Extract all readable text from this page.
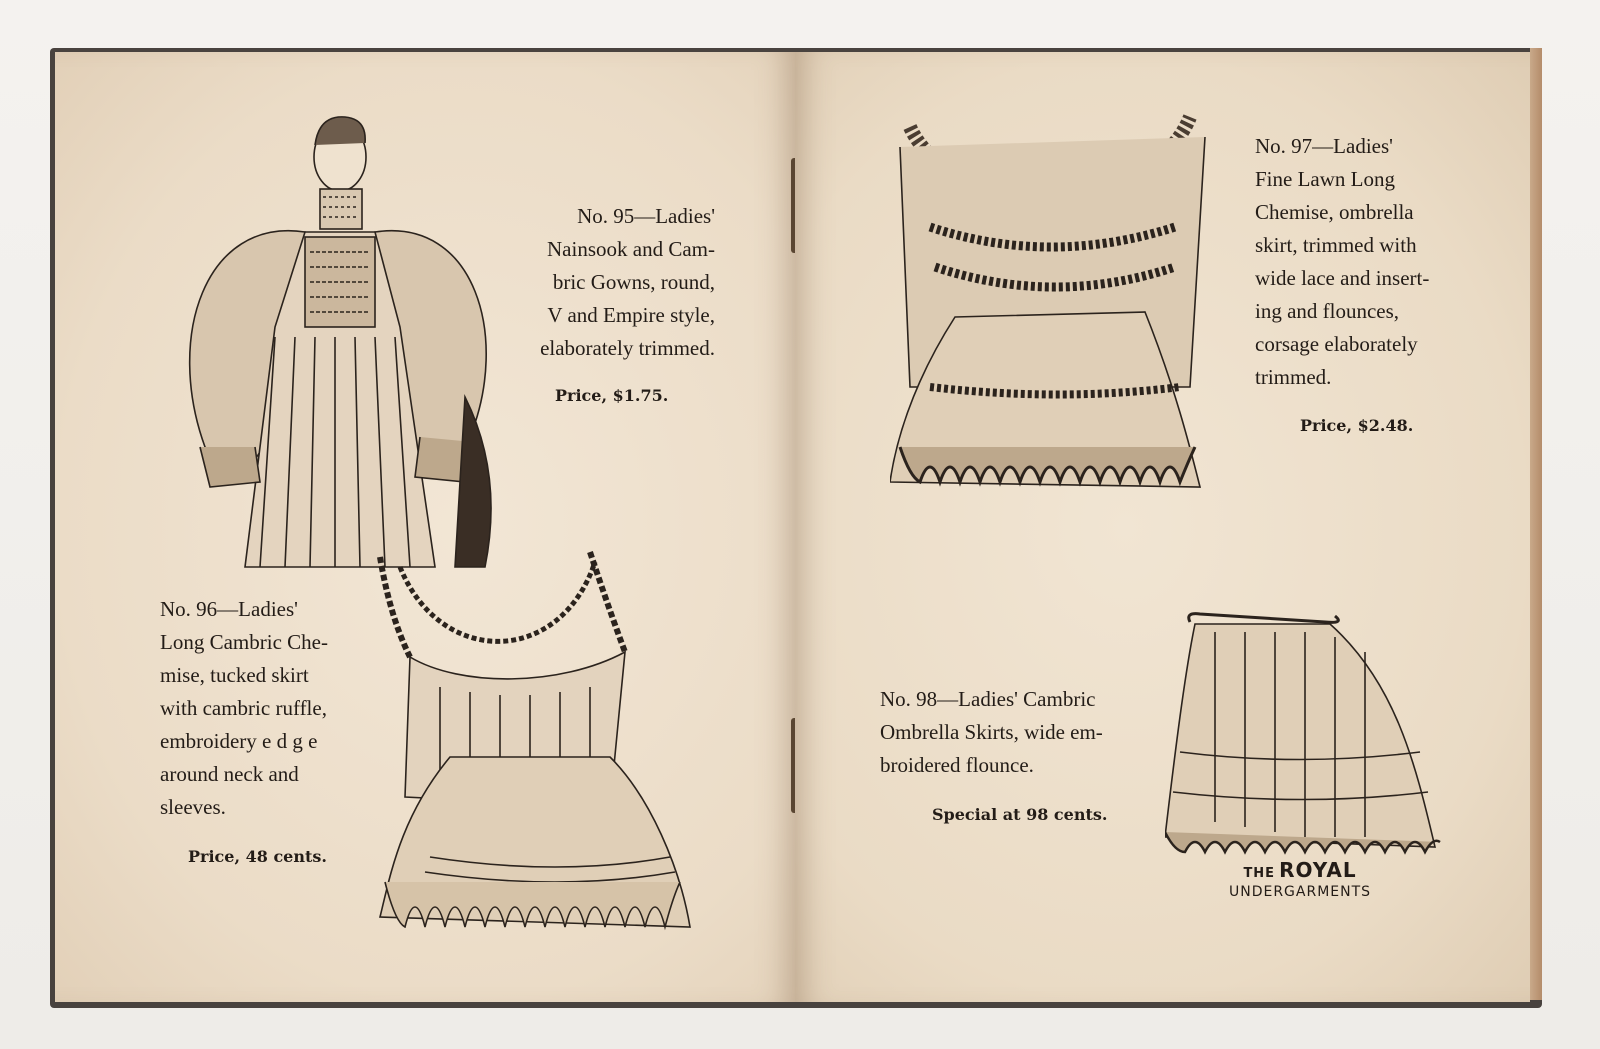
No. 95—Ladies'
Nainsook and Cam-
bric Gowns, round,
V and Empire style,
elaborately trimmed.
Price, $1.75.
No. 96—Ladies'
Long Cambric Che-
mise, tucked skirt
with cambric ruffle,
embroidery e d g e
around neck and
sleeves.
Price, 48 cents.
No. 97—Ladies'
Fine Lawn Long
Chemise, ombrella
skirt, trimmed with
wide lace and insert-
ing and flounces,
corsage elaborately
trimmed.
Price, $2.48.
No. 98—Ladies' Cambric
Ombrella Skirts, wide em-
broidered flounce.
Special at 98 cents.
THE ROYAL
UNDERGARMENTS
